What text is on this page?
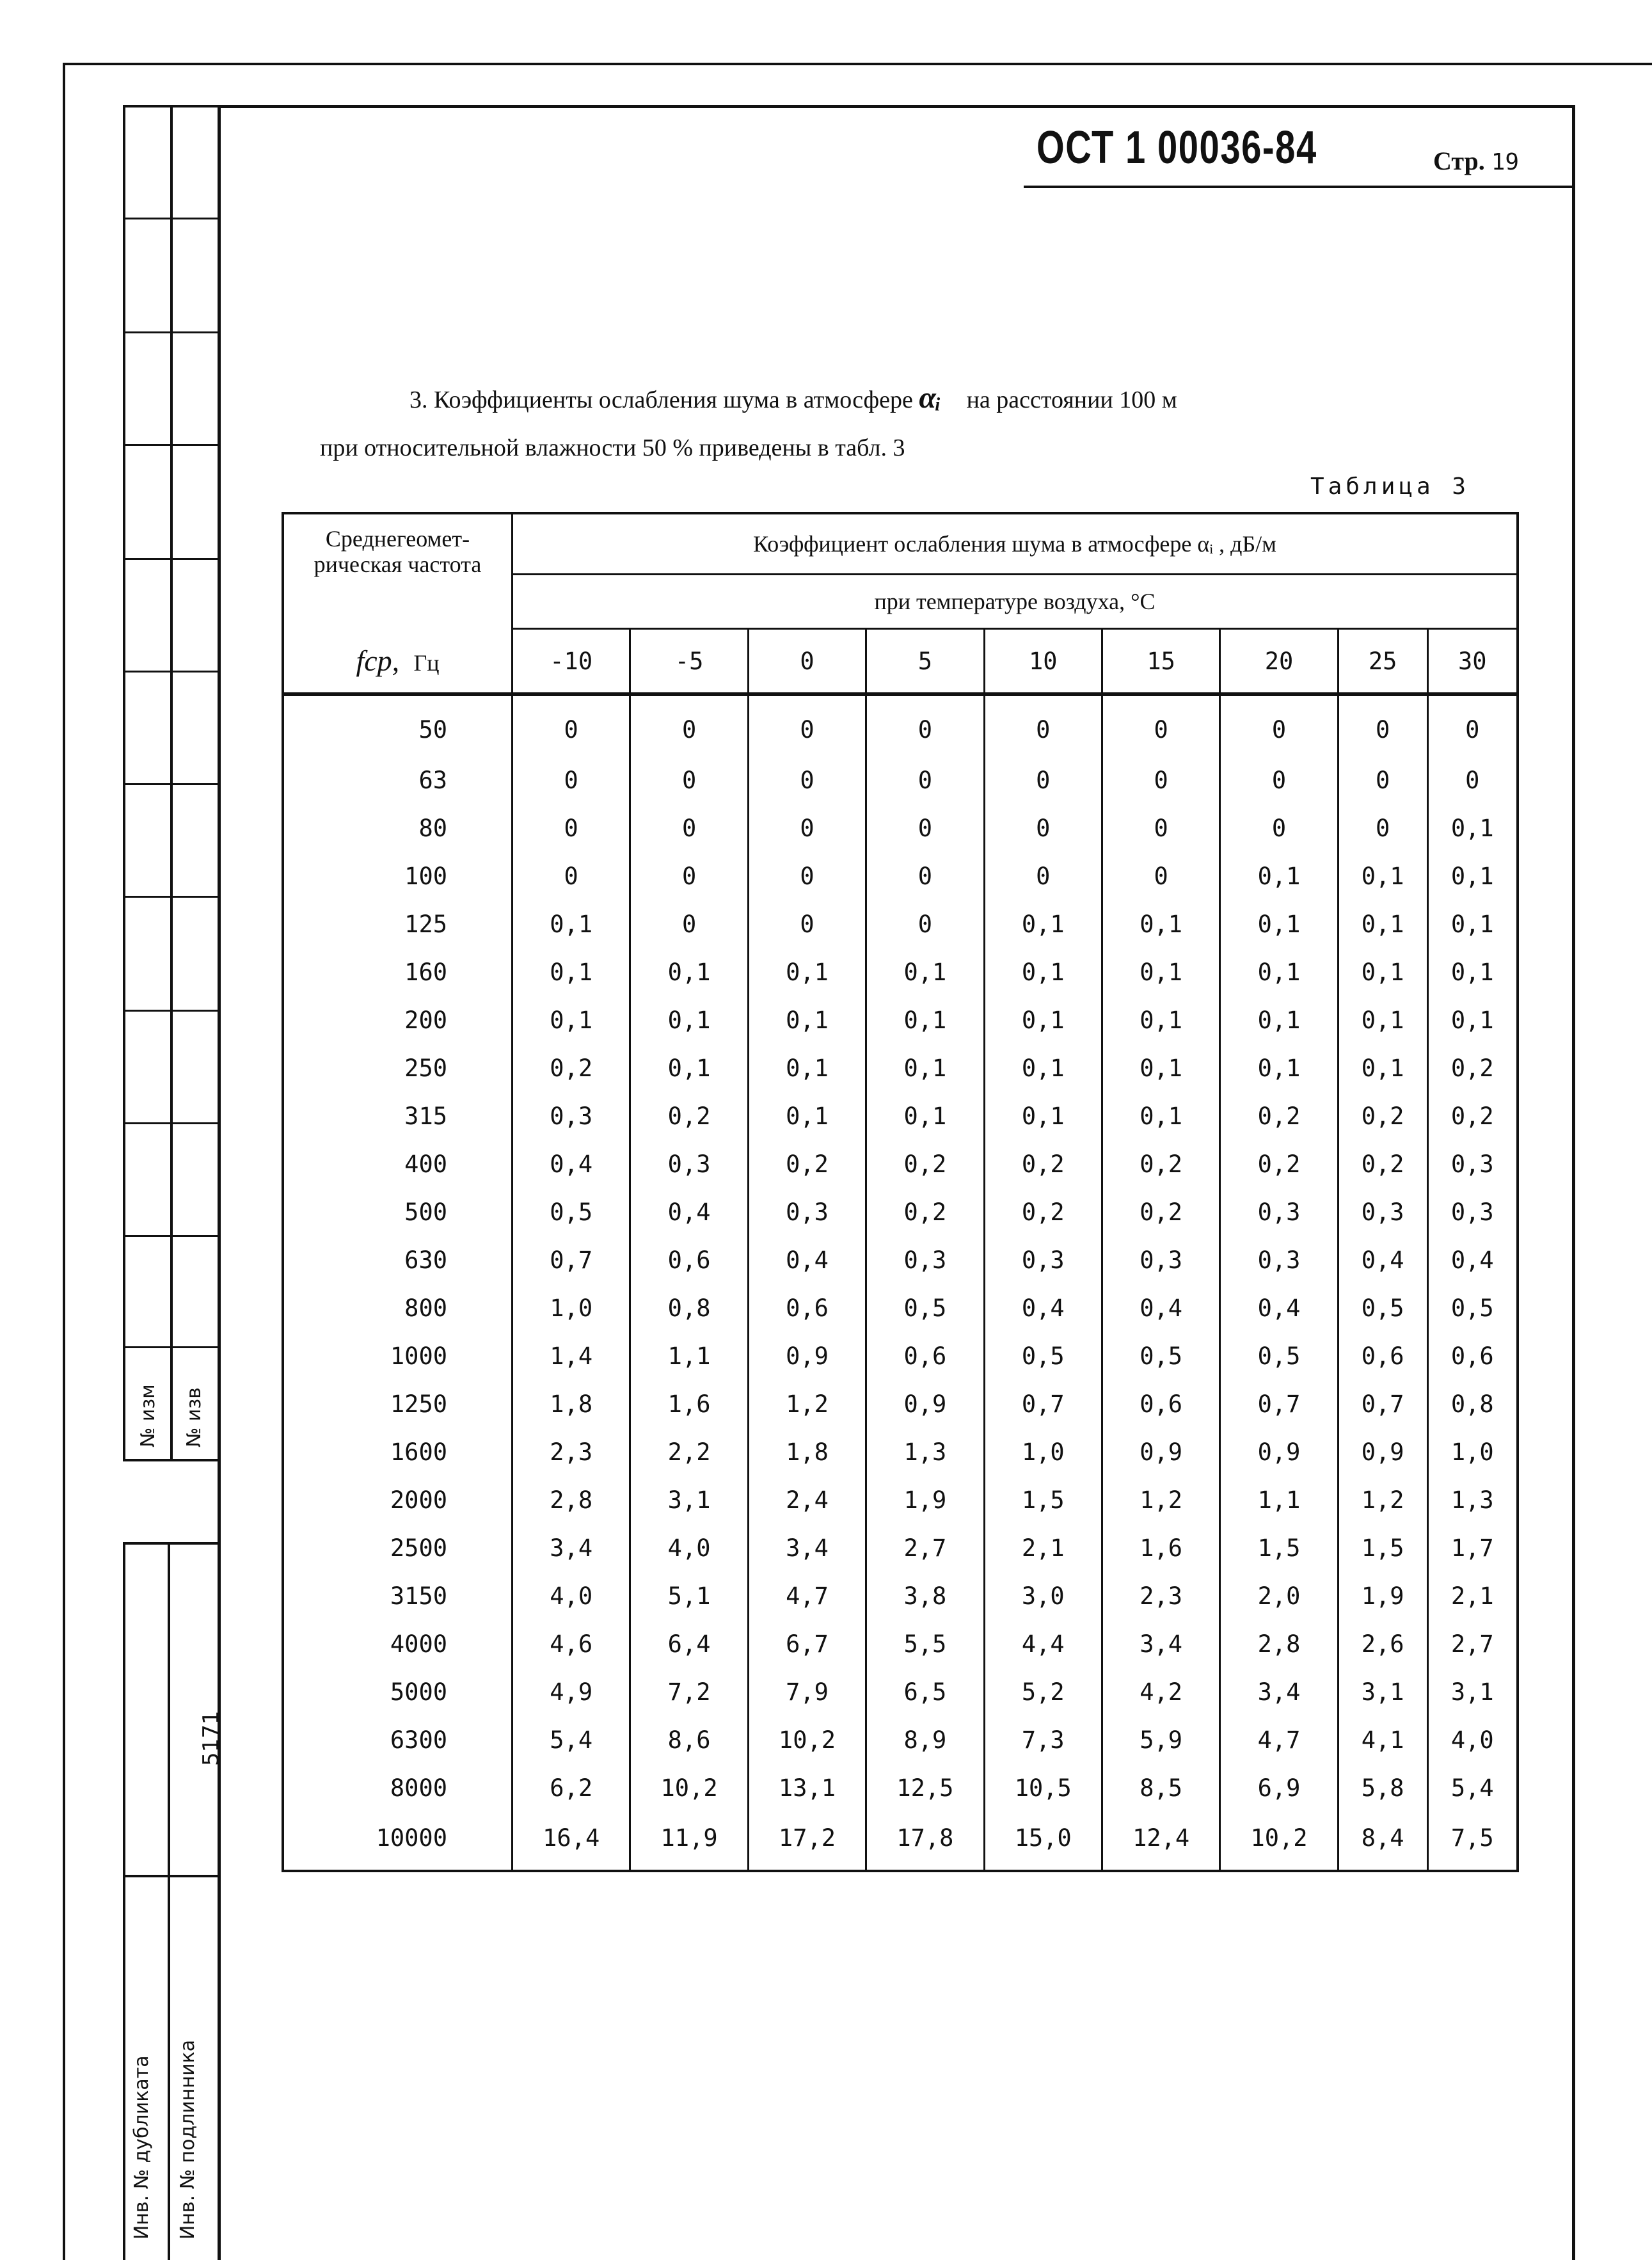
№ изм № изв
5171
Инв. № дубликата Инв. № подлинника
ОСТ 1 00036-84	Стр. 19
3. Коэффициенты ослабления шума в атмосфере αᵢ на расстоянии 100 м
при относительной влажности 50 % приведены в табл. 3
Таблица 3
Среднегеомет-рическая частота	Коэффициент ослабления шума в атмосфере αᵢ , дБ/м								
	при температуре воздуха, °C								
fср, Гц	-10	-5	0	5	10	15	20	25	30
50	0	0	0	0	0	0	0	0	0
63	0	0	0	0	0	0	0	0	0
80	0	0	0	0	0	0	0	0	0,1
100	0	0	0	0	0	0	0,1	0,1	0,1
125	0,1	0	0	0	0,1	0,1	0,1	0,1	0,1
160	0,1	0,1	0,1	0,1	0,1	0,1	0,1	0,1	0,1
200	0,1	0,1	0,1	0,1	0,1	0,1	0,1	0,1	0,1
250	0,2	0,1	0,1	0,1	0,1	0,1	0,1	0,1	0,2
315	0,3	0,2	0,1	0,1	0,1	0,1	0,2	0,2	0,2
400	0,4	0,3	0,2	0,2	0,2	0,2	0,2	0,2	0,3
500	0,5	0,4	0,3	0,2	0,2	0,2	0,3	0,3	0,3
630	0,7	0,6	0,4	0,3	0,3	0,3	0,3	0,4	0,4
800	1,0	0,8	0,6	0,5	0,4	0,4	0,4	0,5	0,5
1000	1,4	1,1	0,9	0,6	0,5	0,5	0,5	0,6	0,6
1250	1,8	1,6	1,2	0,9	0,7	0,6	0,7	0,7	0,8
1600	2,3	2,2	1,8	1,3	1,0	0,9	0,9	0,9	1,0
2000	2,8	3,1	2,4	1,9	1,5	1,2	1,1	1,2	1,3
2500	3,4	4,0	3,4	2,7	2,1	1,6	1,5	1,5	1,7
3150	4,0	5,1	4,7	3,8	3,0	2,3	2,0	1,9	2,1
4000	4,6	6,4	6,7	5,5	4,4	3,4	2,8	2,6	2,7
5000	4,9	7,2	7,9	6,5	5,2	4,2	3,4	3,1	3,1
6300	5,4	8,6	10,2	8,9	7,3	5,9	4,7	4,1	4,0
8000	6,2	10,2	13,1	12,5	10,5	8,5	6,9	5,8	5,4
10000	16,4	11,9	17,2	17,8	15,0	12,4	10,2	8,4	7,5
